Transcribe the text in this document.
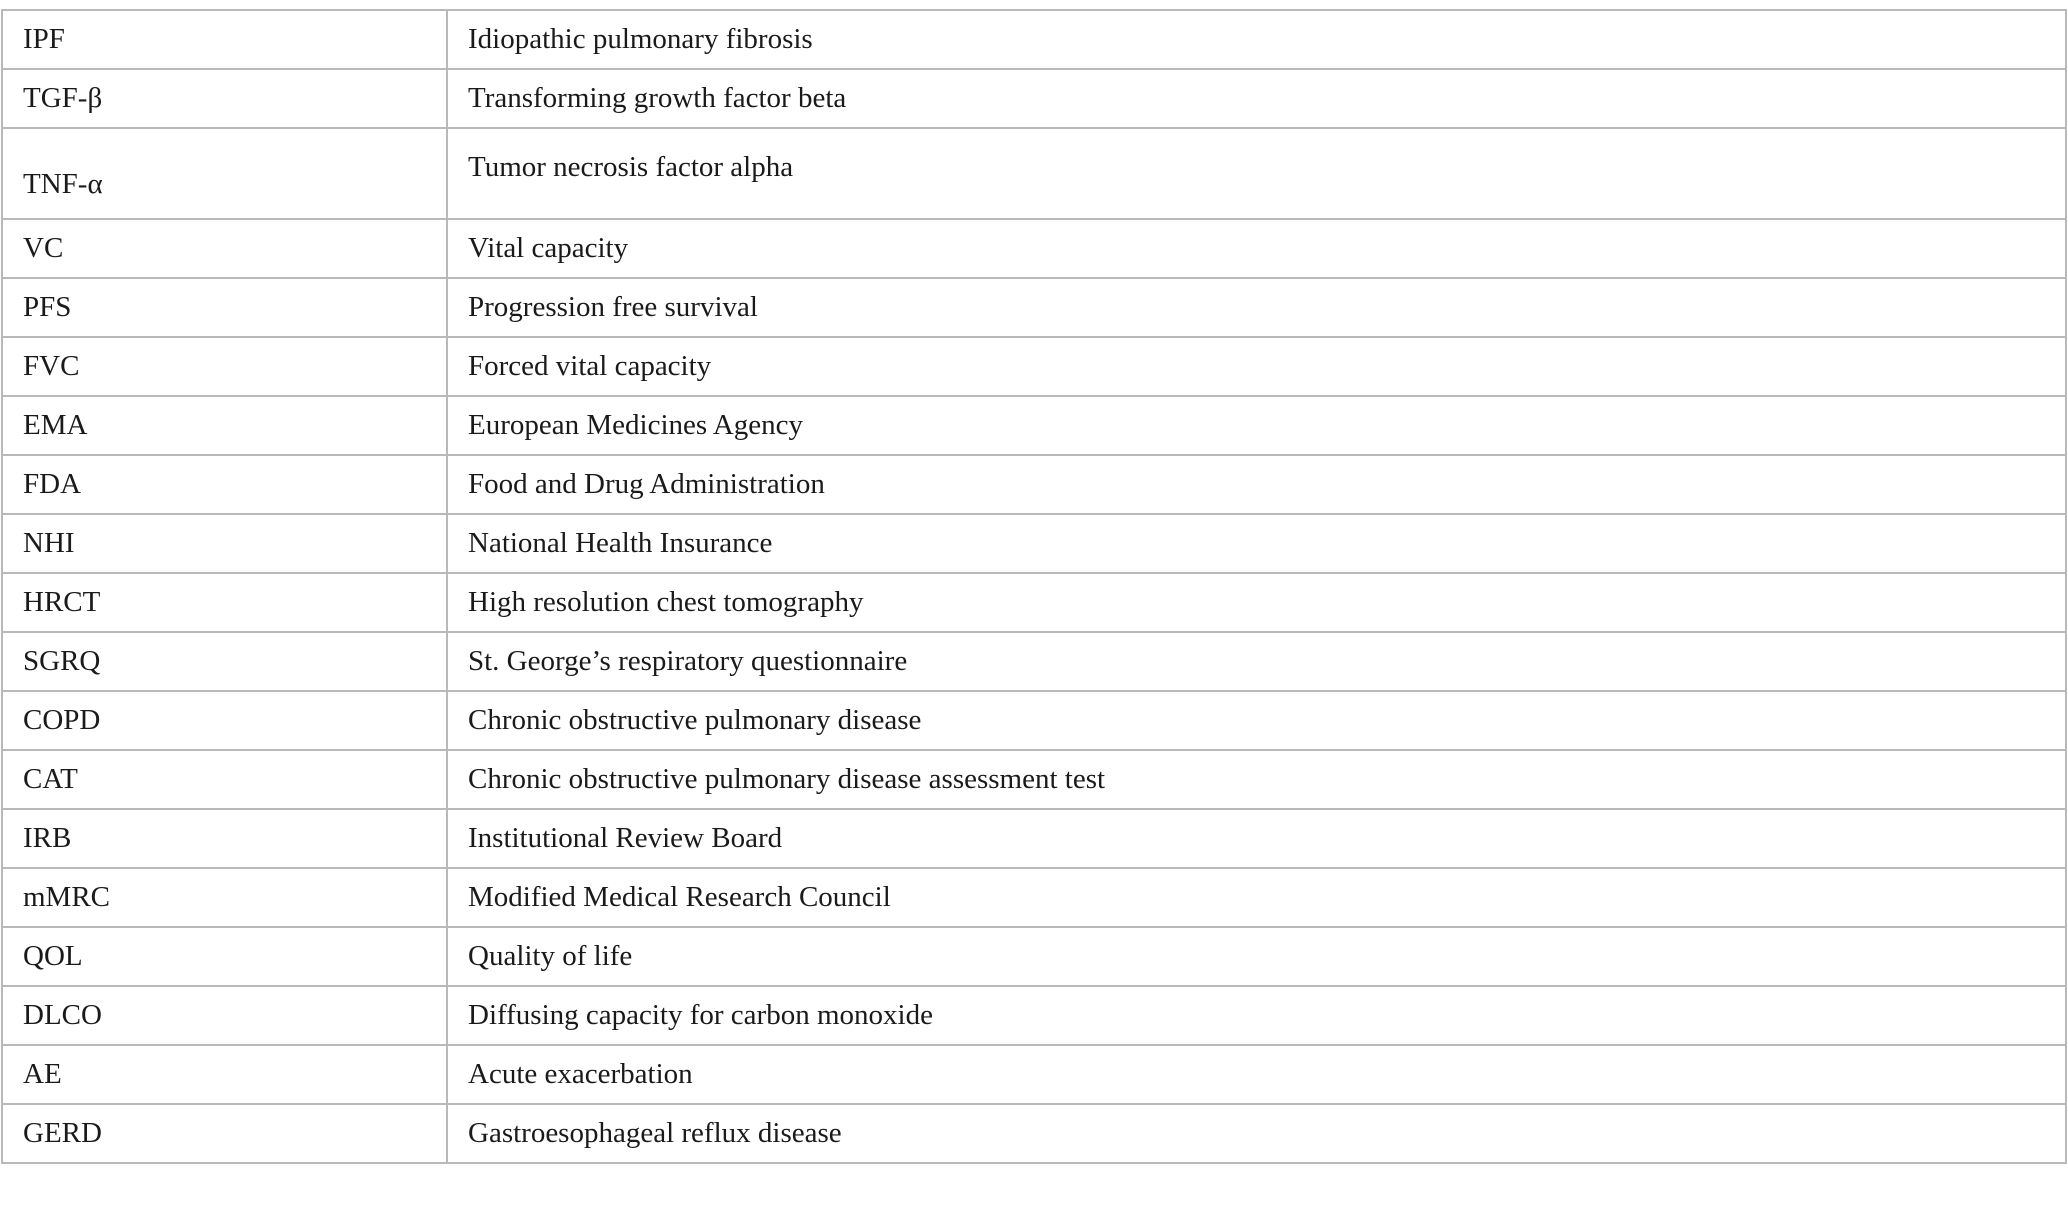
IPF	Idiopathic pulmonary fibrosis
TGF-β	Transforming growth factor beta
TNF-α	Tumor necrosis factor alpha
VC	Vital capacity
PFS	Progression free survival
FVC	Forced vital capacity
EMA	European Medicines Agency
FDA	Food and Drug Administration
NHI	National Health Insurance
HRCT	High resolution chest tomography
SGRQ	St. George’s respiratory questionnaire
COPD	Chronic obstructive pulmonary disease
CAT	Chronic obstructive pulmonary disease assessment test
IRB	Institutional Review Board
mMRC	Modified Medical Research Council
QOL	Quality of life
DLCO	Diffusing capacity for carbon monoxide
AE	Acute exacerbation
GERD	Gastroesophageal reflux disease
